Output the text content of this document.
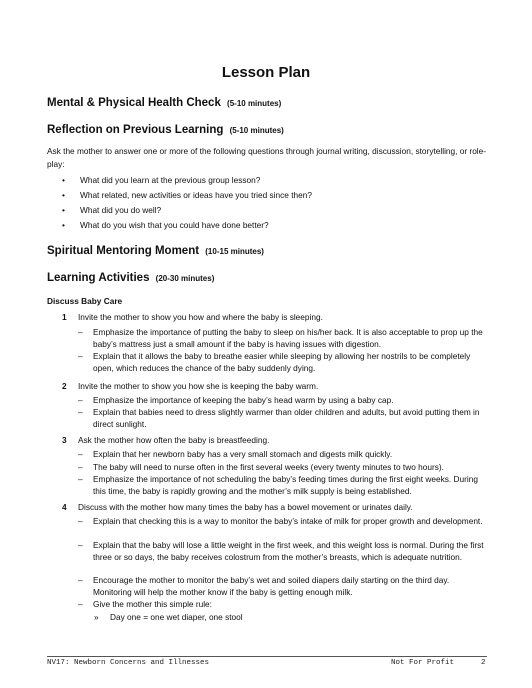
Lesson Plan
Mental & Physical Health Check (5-10 minutes)
Reflection on Previous Learning (5-10 minutes)
Ask the mother to answer one or more of the following questions through journal writing, discussion, storytelling, or role-play:
• What did you learn at the previous group lesson?
• What related, new activities or ideas have you tried since then?
• What did you do well?
• What do you wish that you could have done better?
Spiritual Mentoring Moment (10-15 minutes)
Learning Activities (20-30 minutes)
Discuss Baby Care
1 Invite the mother to show you how and where the baby is sleeping.
– Emphasize the importance of putting the baby to sleep on his/her back. It is also acceptable to prop up the baby’s mattress just a small amount if the baby is having issues with digestion.
– Explain that it allows the baby to breathe easier while sleeping by allowing her nostrils to be completely open, which reduces the chance of the baby suddenly dying.
2 Invite the mother to show you how she is keeping the baby warm.
– Emphasize the importance of keeping the baby’s head warm by using a baby cap.
– Explain that babies need to dress slightly warmer than older children and adults, but avoid putting them in direct sunlight.
3 Ask the mother how often the baby is breastfeeding.
– Explain that her newborn baby has a very small stomach and digests milk quickly.
– The baby will need to nurse often in the first several weeks (every twenty minutes to two hours).
– Emphasize the importance of not scheduling the baby’s feeding times during the first eight weeks. During this time, the baby is rapidly growing and the mother’s milk supply is being established.
4 Discuss with the mother how many times the baby has a bowel movement or urinates daily.
– Explain that checking this is a way to monitor the baby’s intake of milk for proper growth and development.
– Explain that the baby will lose a little weight in the first week, and this weight loss is normal. During the first three or so days, the baby receives colostrum from the mother’s breasts, which is adequate nutrition.
– Encourage the mother to monitor the baby’s wet and soiled diapers daily starting on the third day. Monitoring will help the mother know if the baby is getting enough milk.
– Give the mother this simple rule:
» Day one = one wet diaper, one stool
NV17: Newborn Concerns and Illnesses	Not For Profit	2
